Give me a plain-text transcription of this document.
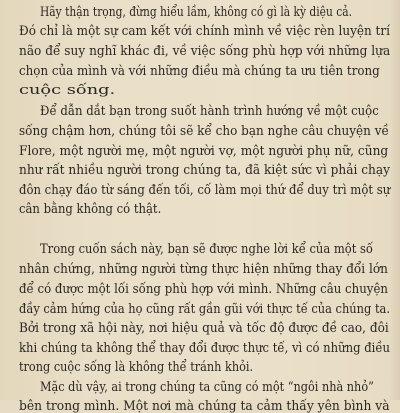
Hãy thận trọng, đừng hiểu lầm, không có gì là kỳ diệu cả.
Đó chỉ là một sự cam kết với chính mình về việc rèn luyện trí
não để suy nghĩ khác đi, về việc sống phù hợp với những lựa
chọn của mình và với những điều mà chúng ta ưu tiên trong
cuộc sống.
Để dẫn dắt bạn trong suốt hành trình hướng về một cuộc
sống chậm hơn, chúng tôi sẽ kể cho bạn nghe câu chuyện về
Flore, một người mẹ, một người vợ, một người phụ nữ, cũng
như rất nhiều người trong chúng ta, đã kiệt sức vì phải chạy
đôn chạy đáo từ sáng đến tối, cố làm mọi thứ để duy trì một sự
cân bằng không có thật.
Trong cuốn sách này, bạn sẽ được nghe lời kể của một số
nhân chứng, những người từng thực hiện những thay đổi lớn
để có được một lối sống phù hợp với mình. Những câu chuyện
đầy cảm hứng của họ cũng rất gần gũi với thực tế của chúng ta.
Bởi trong xã hội này, nơi hiệu quả và tốc độ được đề cao, đôi
khi chúng ta không thể thay đổi được thực tế, vì có những điều
trong cuộc sống là không thể tránh khỏi.
Mặc dù vậy, ai trong chúng ta cũng có một “ngôi nhà nhỏ”
bên trong mình. Một nơi mà chúng ta cảm thấy yên bình và
